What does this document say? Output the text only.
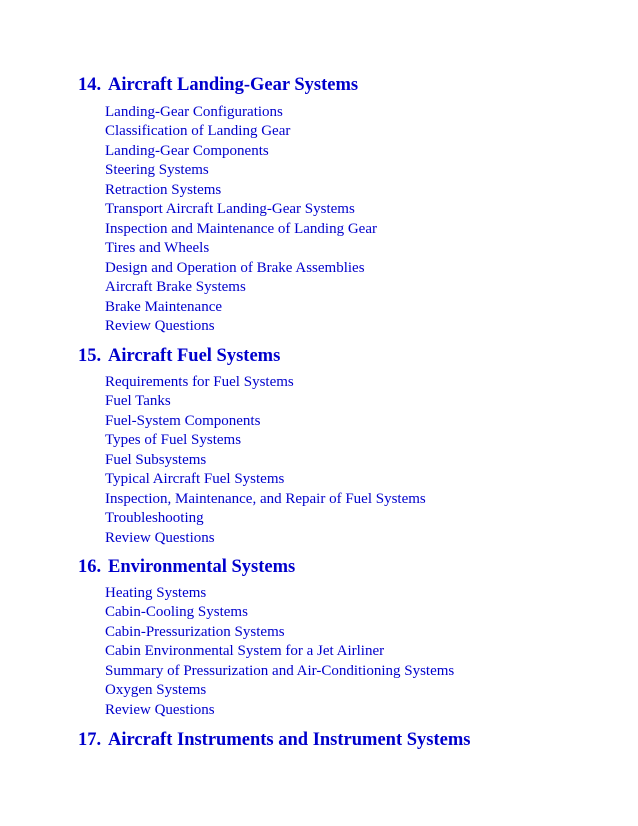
14. Aircraft Landing-Gear Systems
Landing-Gear Configurations
Classification of Landing Gear
Landing-Gear Components
Steering Systems
Retraction Systems
Transport Aircraft Landing-Gear Systems
Inspection and Maintenance of Landing Gear
Tires and Wheels
Design and Operation of Brake Assemblies
Aircraft Brake Systems
Brake Maintenance
Review Questions
15. Aircraft Fuel Systems
Requirements for Fuel Systems
Fuel Tanks
Fuel-System Components
Types of Fuel Systems
Fuel Subsystems
Typical Aircraft Fuel Systems
Inspection, Maintenance, and Repair of Fuel Systems
Troubleshooting
Review Questions
16. Environmental Systems
Heating Systems
Cabin-Cooling Systems
Cabin-Pressurization Systems
Cabin Environmental System for a Jet Airliner
Summary of Pressurization and Air-Conditioning Systems
Oxygen Systems
Review Questions
17. Aircraft Instruments and Instrument Systems
